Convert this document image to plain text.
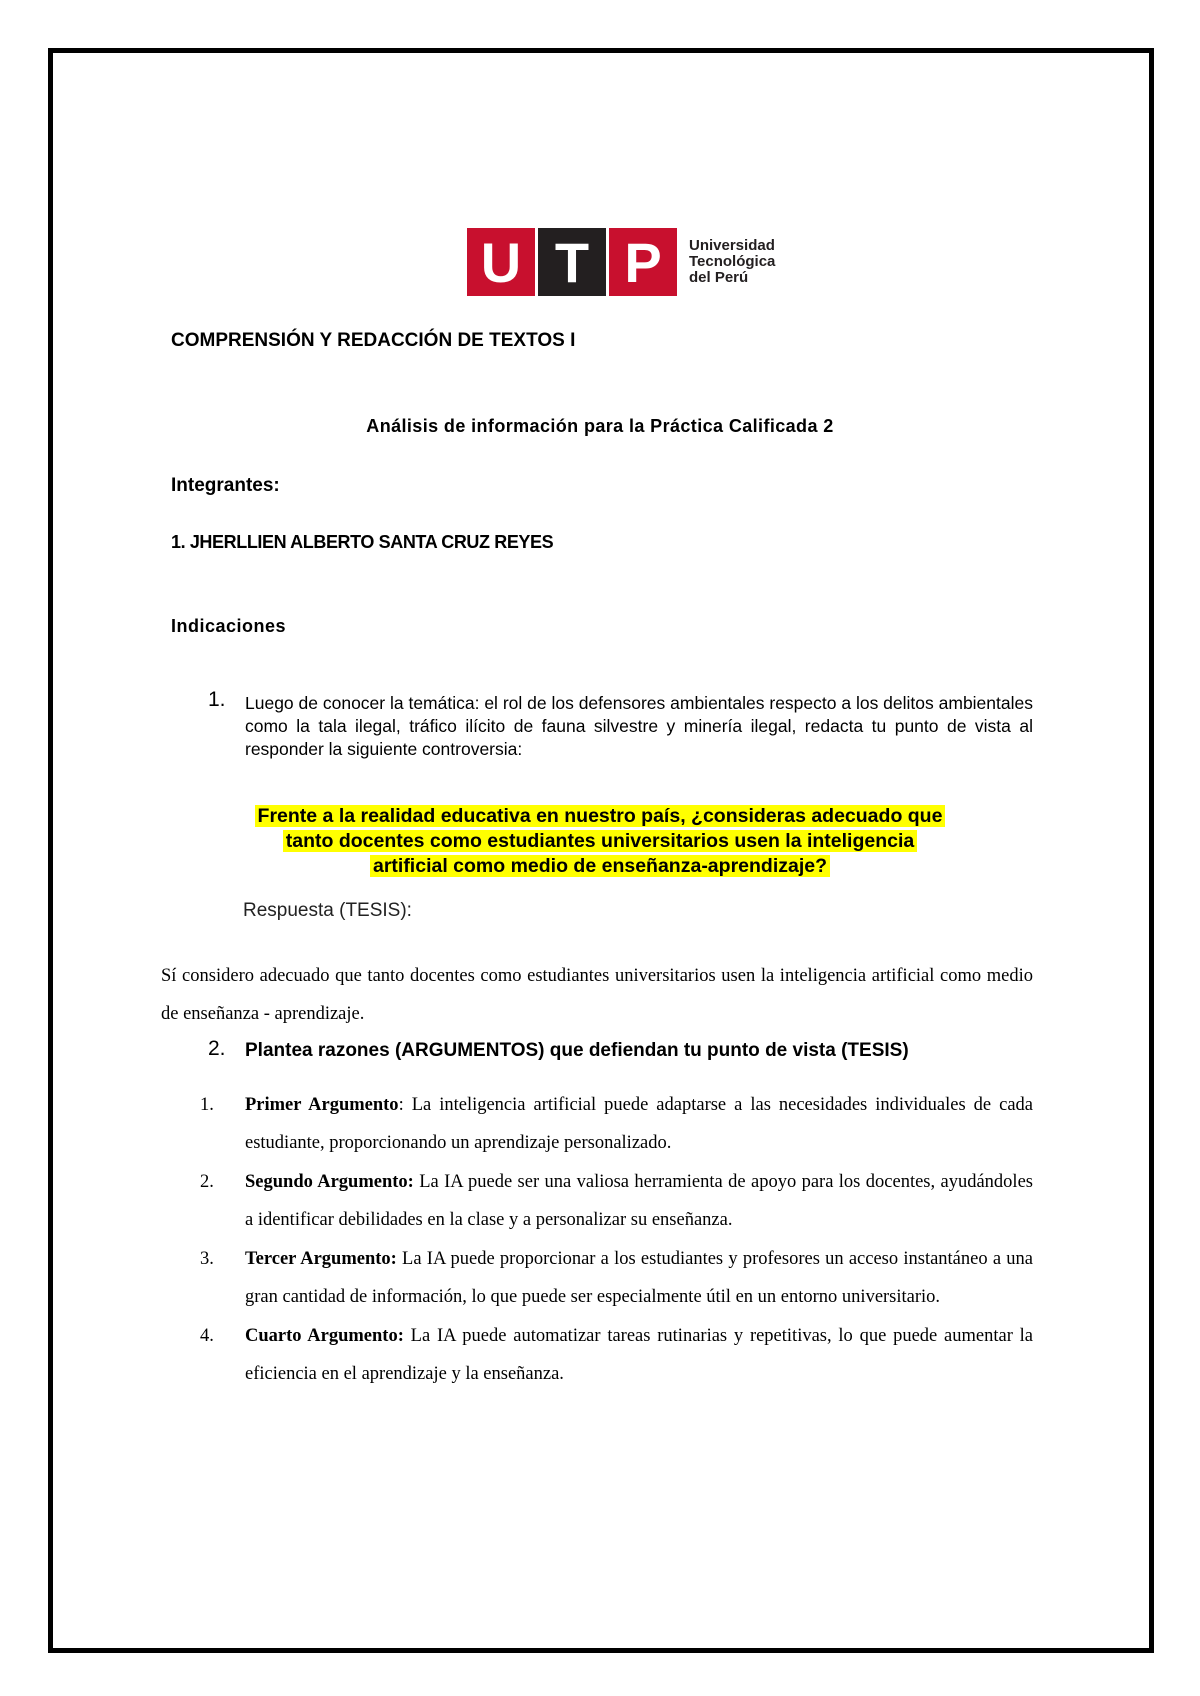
U T P	Universidad
Tecnológica
del Perú
COMPRENSIÓN Y REDACCIÓN DE TEXTOS I
Análisis de información para la Práctica Calificada 2
Integrantes:
1. JHERLLIEN ALBERTO SANTA CRUZ REYES
Indicaciones
1. Luego de conocer la temática: el rol de los defensores ambientales respecto a los delitos ambientales como la tala ilegal, tráfico ilícito de fauna silvestre y minería ilegal, redacta tu punto de vista al responder la siguiente controversia:
Frente a la realidad educativa en nuestro país, ¿consideras adecuado que
tanto docentes como estudiantes universitarios usen la inteligencia
artificial como medio de enseñanza-aprendizaje?
Respuesta (TESIS):
Sí considero adecuado que tanto docentes como estudiantes universitarios usen la inteligencia artificial como medio de enseñanza - aprendizaje.
2. Plantea razones (ARGUMENTOS) que defiendan tu punto de vista (TESIS)
1.	Primer Argumento: La inteligencia artificial puede adaptarse a las necesidades individuales de cada estudiante, proporcionando un aprendizaje personalizado.
2.	Segundo Argumento: La IA puede ser una valiosa herramienta de apoyo para los docentes, ayudándoles a identificar debilidades en la clase y a personalizar su enseñanza.
3.	Tercer Argumento: La IA puede proporcionar a los estudiantes y profesores un acceso instantáneo a una gran cantidad de información, lo que puede ser especialmente útil en un entorno universitario.
4.	Cuarto Argumento: La IA puede automatizar tareas rutinarias y repetitivas, lo que puede aumentar la eficiencia en el aprendizaje y la enseñanza.
